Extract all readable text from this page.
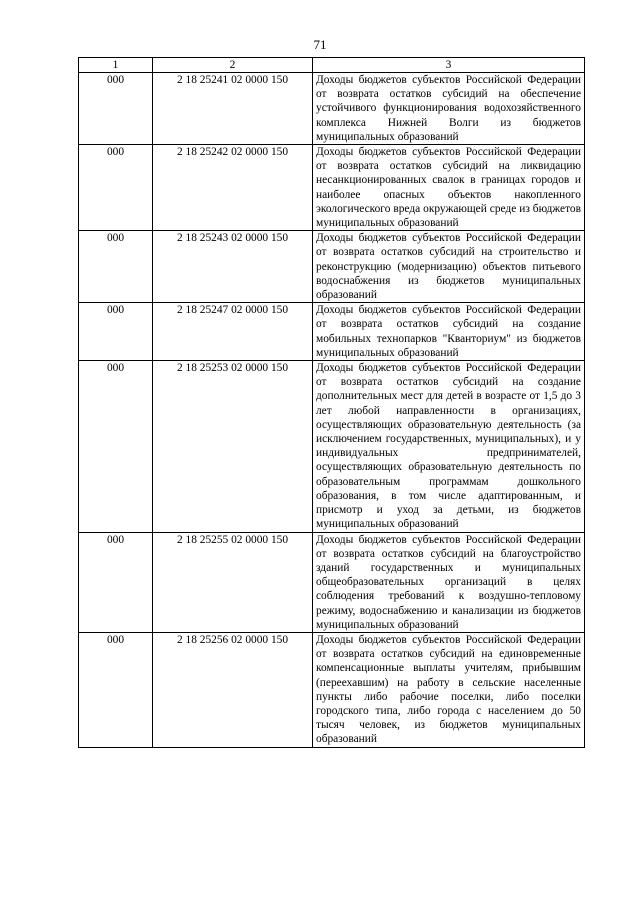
71
1	2	3
000	2 18 25241 02 0000 150	Доходы бюджетов субъектов Российской Федерации от возврата остатков субсидий на обеспечение устойчивого функционирования водохозяйственного комплекса Нижней Волги из бюджетов муниципальных образований
000	2 18 25242 02 0000 150	Доходы бюджетов субъектов Российской Федерации от возврата остатков субсидий на ликвидацию несанкционированных свалок в границах городов и наиболее опасных объектов накопленного экологического вреда окружающей среде из бюджетов муниципальных образований
000	2 18 25243 02 0000 150	Доходы бюджетов субъектов Российской Федерации от возврата остатков субсидий на строительство и реконструкцию (модернизацию) объектов питьевого водоснабжения из бюджетов муниципальных образований
000	2 18 25247 02 0000 150	Доходы бюджетов субъектов Российской Федерации от возврата остатков субсидий на создание мобильных технопарков "Кванториум" из бюджетов муниципальных образований
000	2 18 25253 02 0000 150	Доходы бюджетов субъектов Российской Федерации от возврата остатков субсидий на создание дополнительных мест для детей в возрасте от 1,5 до 3 лет любой направленности в организациях, осуществляющих образовательную деятельность (за исключением государственных, муниципальных), и у индивидуальных предпринимателей, осуществляющих образовательную деятельность по образовательным программам дошкольного образования, в том числе адаптированным, и присмотр и уход за детьми, из бюджетов муниципальных образований
000	2 18 25255 02 0000 150	Доходы бюджетов субъектов Российской Федерации от возврата остатков субсидий на благоустройство зданий государственных и муниципальных общеобразовательных организаций в целях соблюдения требований к воздушно-тепловому режиму, водоснабжению и канализации из бюджетов муниципальных образований
000	2 18 25256 02 0000 150	Доходы бюджетов субъектов Российской Федерации от возврата остатков субсидий на единовременные компенсационные выплаты учителям, прибывшим (переехавшим) на работу в сельские населенные пункты либо рабочие поселки, либо поселки городского типа, либо города с населением до 50 тысяч человек, из бюджетов муниципальных образований
